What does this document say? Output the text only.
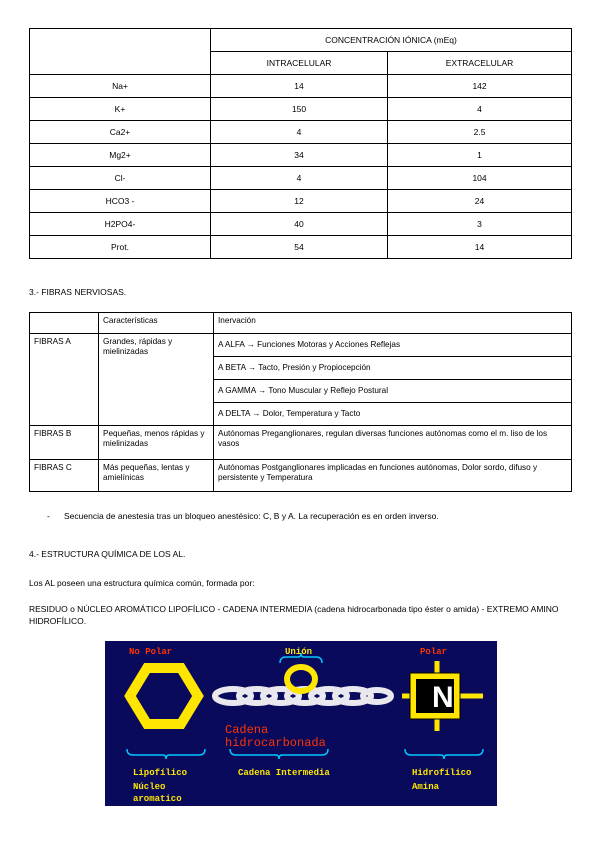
	CONCENTRACIÓN IÓNICA (mEq)	
	INTRACELULAR	EXTRACELULAR
Na+	14	142
K+	150	4
Ca2+	4	2.5
Mg2+	34	1
Cl-	4	104
HCO3 -	12	24
H2PO4-	40	3
Prot.	54	14
3.- FIBRAS NERVIOSAS.
	Características	Inervación
FIBRAS A	Grandes, rápidas y mielinizadas	A ALFA → Funciones Motoras y Acciones Reflejas
		A BETA → Tacto, Presión y Propiocepción
		A GAMMA → Tono Muscular y Reflejo Postural
		A DELTA → Dolor, Temperatura y Tacto
FIBRAS B	Pequeñas, menos rápidas y mielinizadas	Autónomas Preganglionares, regulan diversas funciones autónomas como el m. liso de los vasos
FIBRAS C	Más pequeñas, lentas y amielínicas	Autónomas Postganglionares implicadas en funciones autónomas, Dolor sordo, difuso y persistente y Temperatura
-      Secuencia de anestesia tras un bloqueo anestésico: C, B y A. La recuperación es en orden inverso.
4.- ESTRUCTURA QUÍMICA DE LOS AL.
Los AL poseen una estructura química común, formada por:
RESIDUO o NÚCLEO AROMÁTICO LIPOFÍLICO - CADENA INTERMEDIA (cadena hidrocarbonada tipo éster o amida) - EXTREMO AMINO HIDROFÍLICO.
N
No Polar	Unión	Polar
Cadena
hidrocarbonada
Lipofílico
Núcleo
aromatico
Cadena Intermedia	Hidrofílico
Amina
